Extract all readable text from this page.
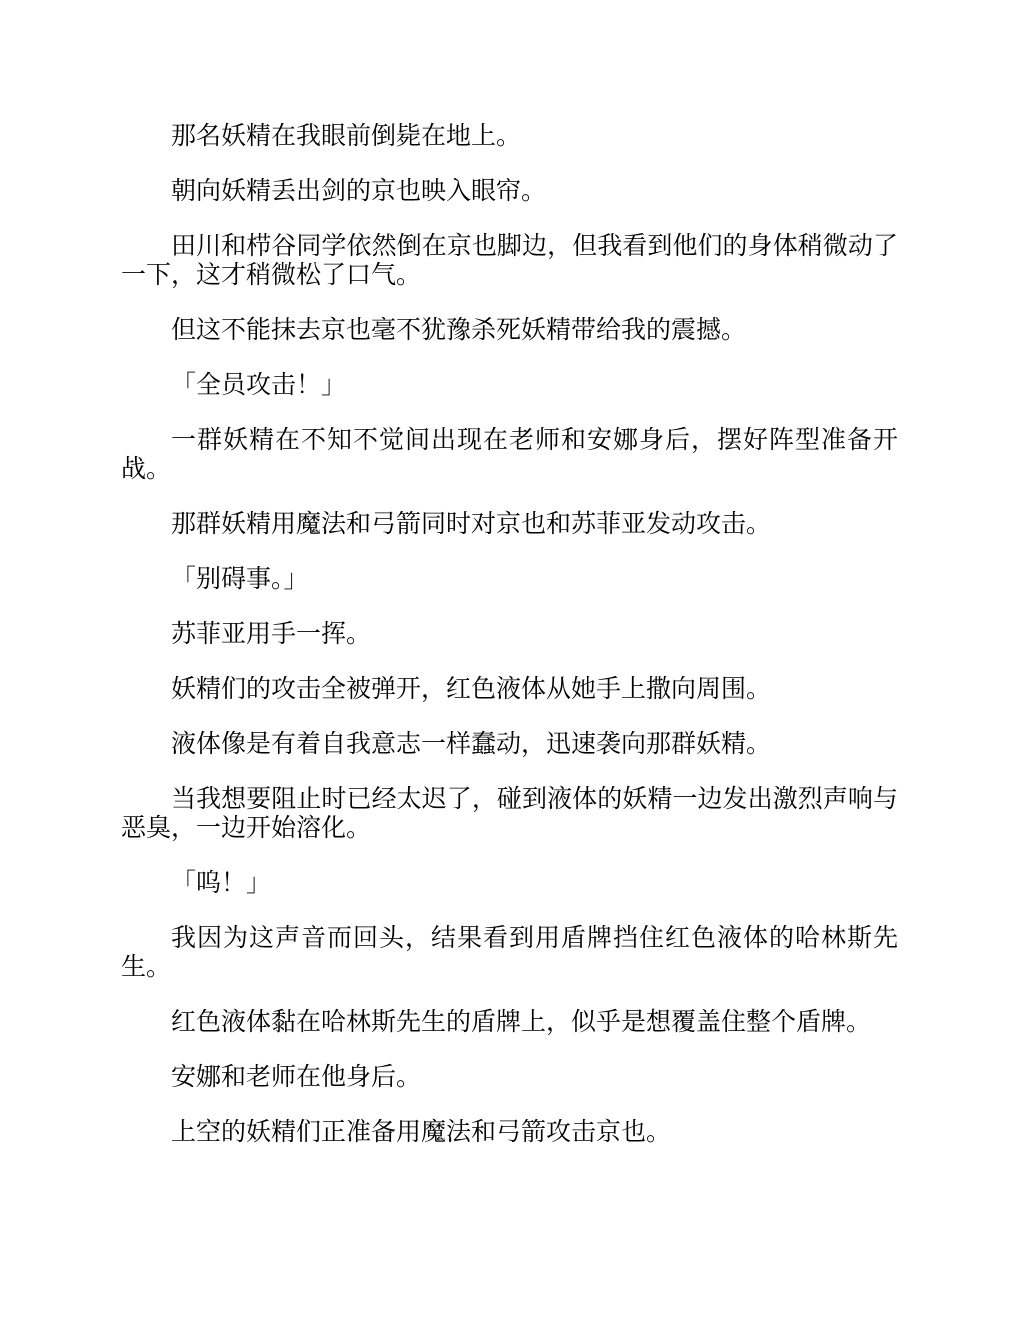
那名妖精在我眼前倒毙在地上。

朝向妖精丢出剑的京也映入眼帘。

田川和栉谷同学依然倒在京也脚边，但我看到他们的身体稍微动了一下，这才稍微松了口气。

但这不能抹去京也毫不犹豫杀死妖精带给我的震撼。

「全员攻击！」

一群妖精在不知不觉间出现在老师和安娜身后，摆好阵型准备开战。

那群妖精用魔法和弓箭同时对京也和苏菲亚发动攻击。

「别碍事。」

苏菲亚用手一挥。

妖精们的攻击全被弹开，红色液体从她手上撒向周围。

液体像是有着自我意志一样蠢动，迅速袭向那群妖精。

当我想要阻止时已经太迟了，碰到液体的妖精一边发出激烈声响与恶臭，一边开始溶化。

「呜！」

我因为这声音而回头，结果看到用盾牌挡住红色液体的哈林斯先生。

红色液体黏在哈林斯先生的盾牌上，似乎是想覆盖住整个盾牌。

安娜和老师在他身后。

上空的妖精们正准备用魔法和弓箭攻击京也。
